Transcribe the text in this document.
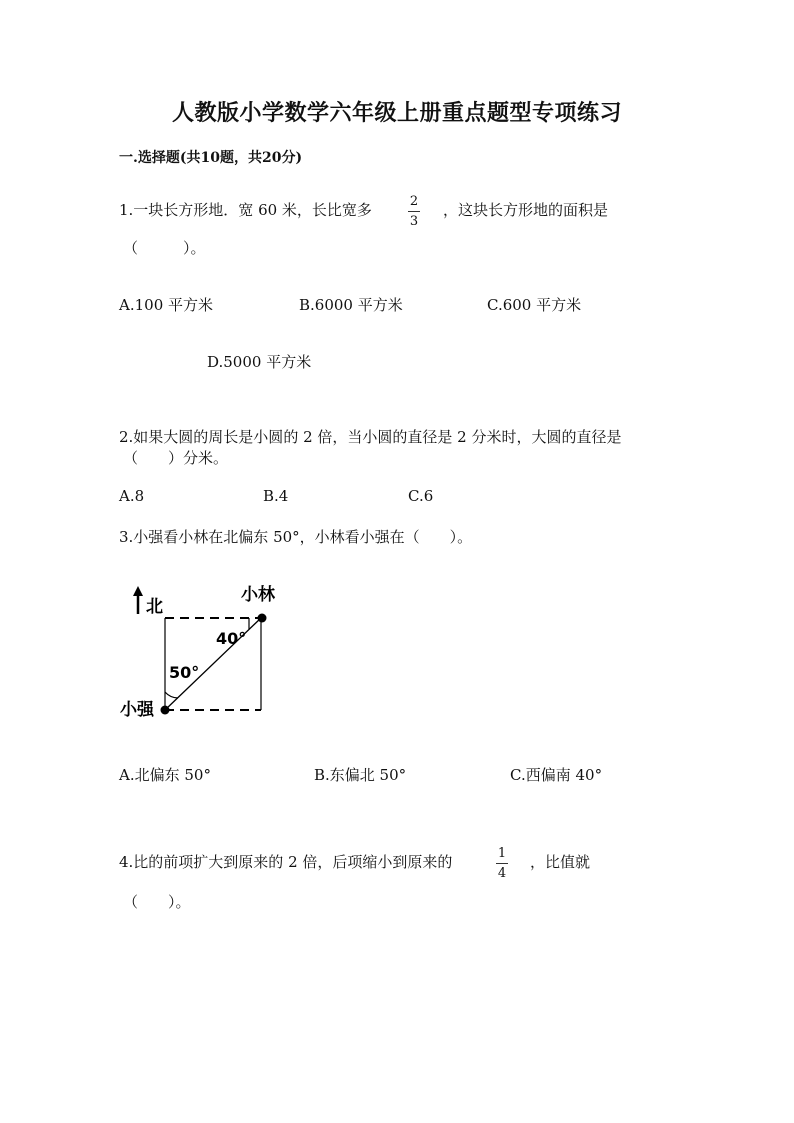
人教版小学数学六年级上册重点题型专项练习
一.选择题(共10题，共20分)
1.一块长方形地．宽 60 米，长比宽多	2
3
，这块长方形地的面积是
（　　　）。
A.100 平方米	B.6000 平方米	C.600 平方米
D.5000 平方米
2.如果大圆的周长是小圆的 2 倍，当小圆的直径是 2 分米时，大圆的直径是
（　　）分米。
A.8	B.4	C.6
3.小强看小林在北偏东 50°，小林看小强在（　　）。
北
小林
小强
40°
50°
A.北偏东 50°	B.东偏北 50°	C.西偏南 40°
4.比的前项扩大到原来的 2 倍，后项缩小到原来的	1
4
，比值就
（　　）。
